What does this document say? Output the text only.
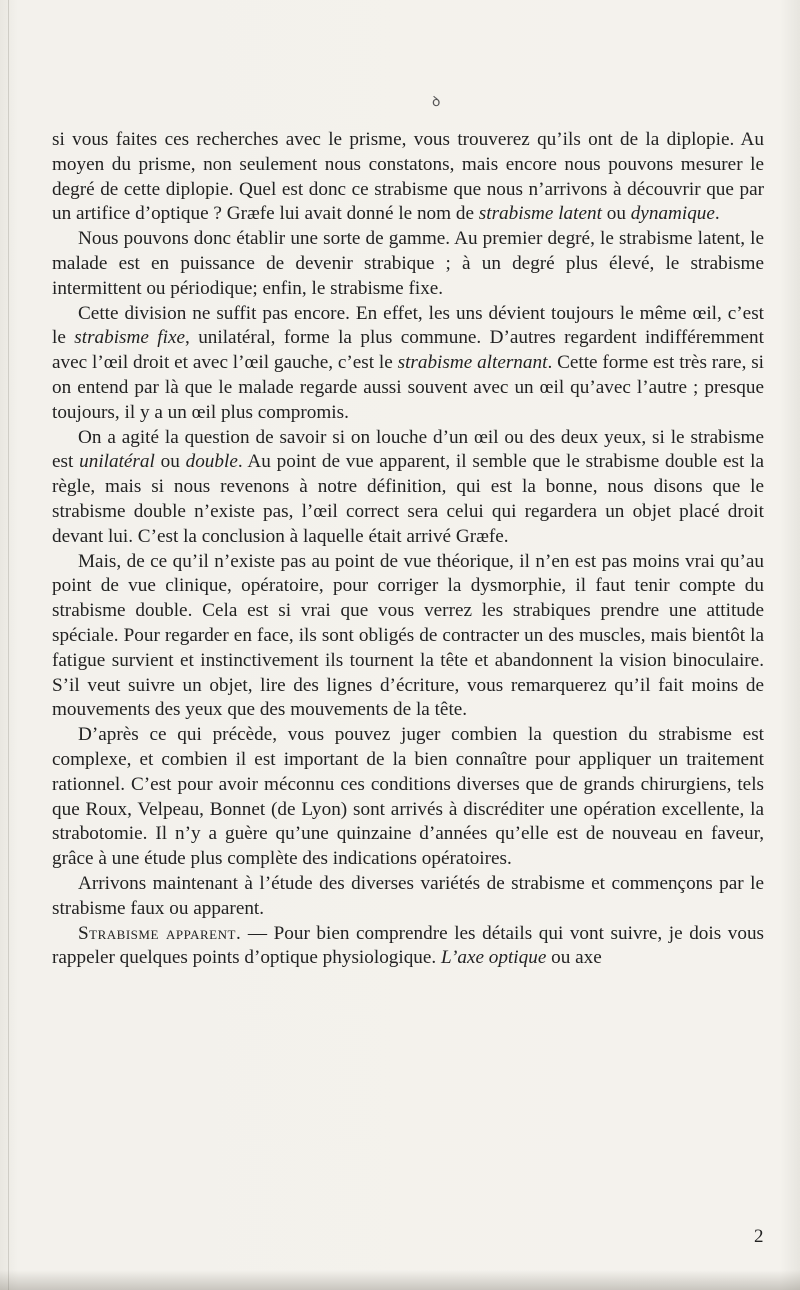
ꝺ

si vous faites ces recherches avec le prisme, vous trouverez qu’ils ont de la diplopie. Au moyen du prisme, non seulement nous constatons, mais encore nous pouvons mesurer le degré de cette diplopie. Quel est donc ce strabisme que nous n’arrivons à découvrir que par un artifice d’optique ? Græfe lui avait donné le nom de strabisme latent ou dynamique.

Nous pouvons donc établir une sorte de gamme. Au premier degré, le strabisme latent, le malade est en puissance de devenir strabique ; à un degré plus élevé, le strabisme intermittent ou périodique; enfin, le strabisme fixe.

Cette division ne suffit pas encore. En effet, les uns dévient toujours le même œil, c’est le strabisme fixe, unilatéral, forme la plus commune. D’autres regardent indifféremment avec l’œil droit et avec l’œil gauche, c’est le strabisme alternant. Cette forme est très rare, si on entend par là que le malade regarde aussi souvent avec un œil qu’avec l’autre ; presque toujours, il y a un œil plus compromis.

On a agité la question de savoir si on louche d’un œil ou des deux yeux, si le strabisme est unilatéral ou double. Au point de vue apparent, il semble que le strabisme double est la règle, mais si nous revenons à notre définition, qui est la bonne, nous disons que le strabisme double n’existe pas, l’œil correct sera celui qui regardera un objet placé droit devant lui. C’est la conclusion à laquelle était arrivé Græfe.

Mais, de ce qu’il n’existe pas au point de vue théorique, il n’en est pas moins vrai qu’au point de vue clinique, opératoire, pour corriger la dysmorphie, il faut tenir compte du strabisme double. Cela est si vrai que vous verrez les strabiques prendre une attitude spéciale. Pour regarder en face, ils sont obligés de contracter un des muscles, mais bientôt la fatigue survient et instinctivement ils tournent la tête et abandonnent la vision binoculaire. S’il veut suivre un objet, lire des lignes d’écriture, vous remarquerez qu’il fait moins de mouvements des yeux que des mouvements de la tête.

D’après ce qui précède, vous pouvez juger combien la question du strabisme est complexe, et combien il est important de la bien connaître pour appliquer un traitement rationnel. C’est pour avoir méconnu ces conditions diverses que de grands chirurgiens, tels que Roux, Velpeau, Bonnet (de Lyon) sont arrivés à discréditer une opération excellente, la strabotomie. Il n’y a guère qu’une quinzaine d’années qu’elle est de nouveau en faveur, grâce à une étude plus complète des indications opératoires.

Arrivons maintenant à l’étude des diverses variétés de strabisme et commençons par le strabisme faux ou apparent.

Strabisme apparent. — Pour bien comprendre les détails qui vont suivre, je dois vous rappeler quelques points d’optique physiologique. L’axe optique ou axe

2
